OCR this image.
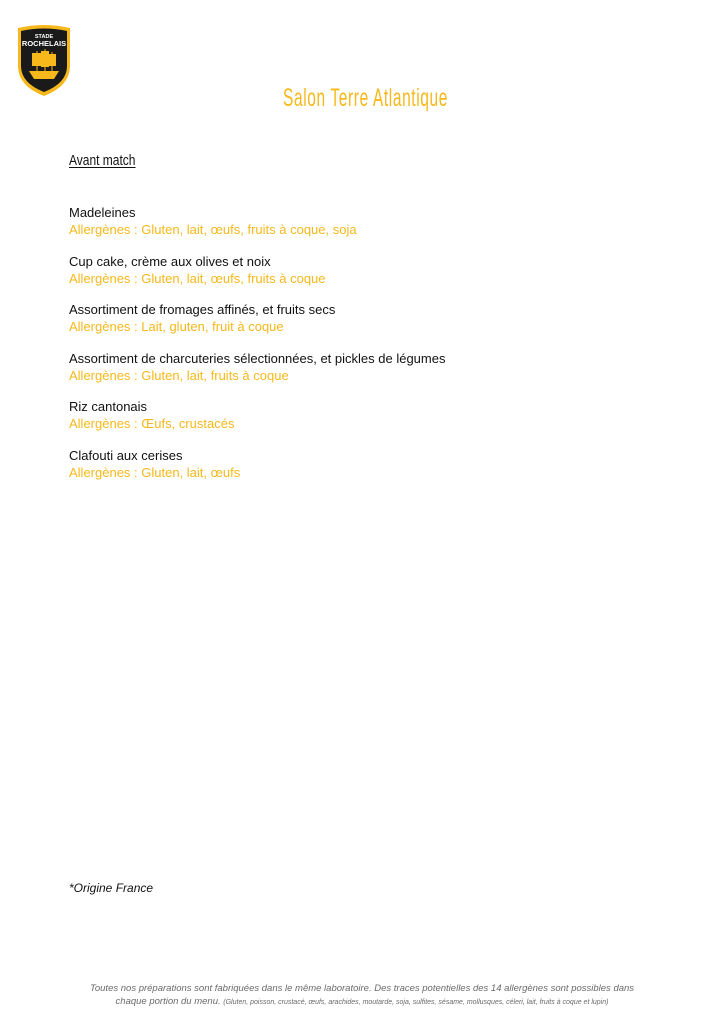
STADE
ROCHELAIS
Salon Terre Atlantique
Avant match
Madeleines
Allergènes : Gluten, lait, œufs, fruits à coque, soja
Cup cake, crème aux olives et noix
Allergènes : Gluten, lait, œufs, fruits à coque
Assortiment de fromages affinés, et fruits secs
Allergènes : Lait, gluten, fruit à coque
Assortiment de charcuteries sélectionnées, et pickles de légumes
Allergènes : Gluten, lait, fruits à coque
Riz cantonais
Allergènes : Œufs, crustacés
Clafouti aux cerises
Allergènes : Gluten, lait, œufs
*Origine France
Toutes nos préparations sont fabriquées dans le même laboratoire. Des traces potentielles des 14 allergènes sont possibles dans
chaque portion du menu. (Gluten, poisson, crustacé, œufs, arachides, moutarde, soja, sulfites, sésame, mollusques, céleri, lait, fruits à coque et lupin)
